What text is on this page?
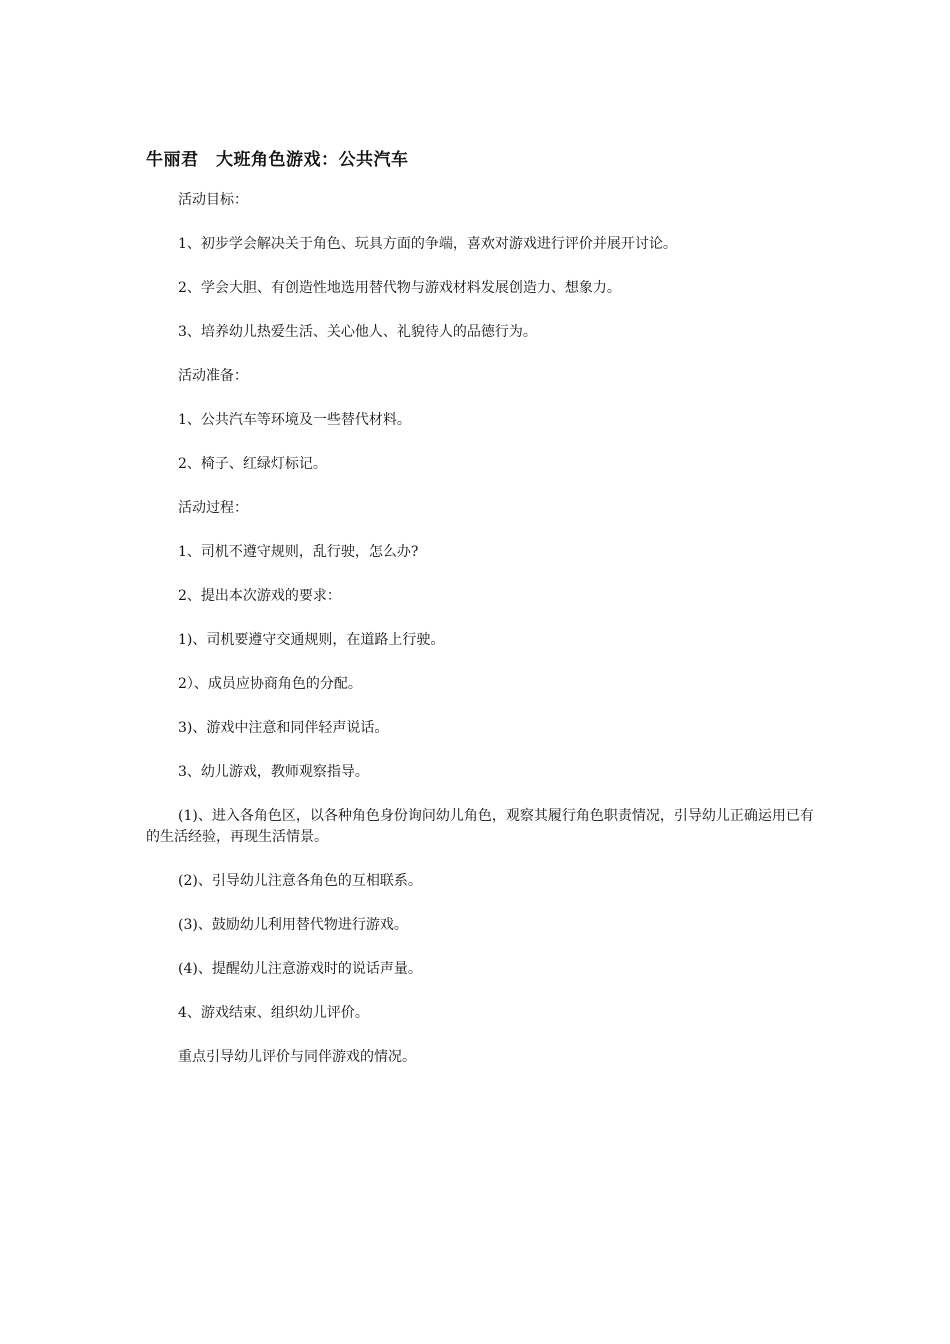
牛丽君　大班角色游戏：公共汽车

活动目标：

1、初步学会解决关于角色、玩具方面的争端，喜欢对游戏进行评价并展开讨论。

2、学会大胆、有创造性地选用替代物与游戏材料发展创造力、想象力。

3、培养幼儿热爱生活、关心他人、礼貌待人的品德行为。

活动准备：

1、公共汽车等环境及一些替代材料。

2、椅子、红绿灯标记。

活动过程：

1、司机不遵守规则，乱行驶，怎么办?

2、提出本次游戏的要求：

1)、司机要遵守交通规则，在道路上行驶。

2）、成员应协商角色的分配。

3)、游戏中注意和同伴轻声说话。

3、幼儿游戏，教师观察指导。

(1)、进入各角色区，以各种角色身份询问幼儿角色，观察其履行角色职责情况，引导幼儿正确运用已有的生活经验，再现生活情景。

(2)、引导幼儿注意各角色的互相联系。

(3)、鼓励幼儿利用替代物进行游戏。

(4)、提醒幼儿注意游戏时的说话声量。

4、游戏结束、组织幼儿评价。

重点引导幼儿评价与同伴游戏的情况。
